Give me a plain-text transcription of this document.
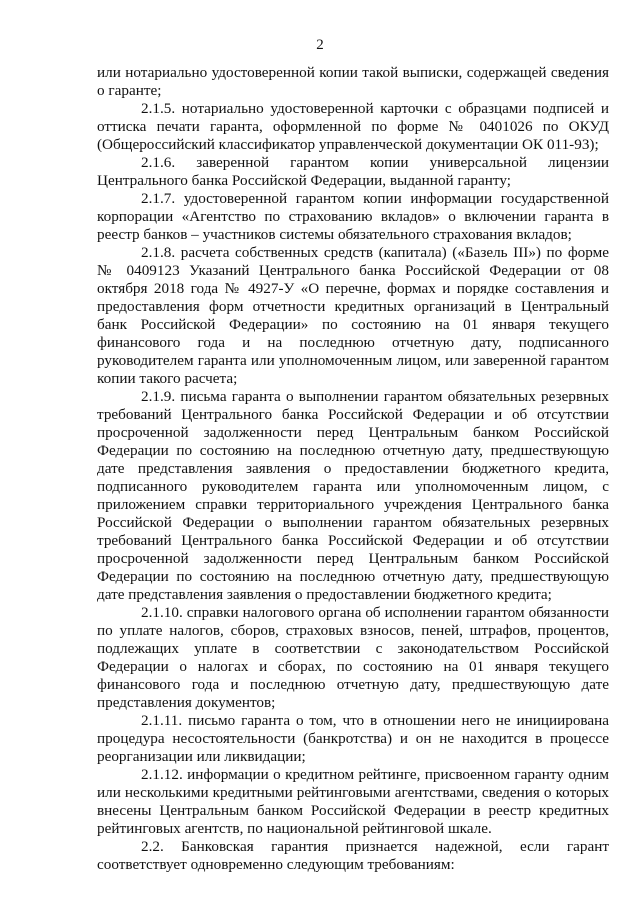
2

или нотариально удостоверенной копии такой выписки, содержащей сведения о гаранте;

2.1.5. нотариально удостоверенной карточки с образцами подписей и оттиска печати гаранта, оформленной по форме № 0401026 по ОКУД (Общероссийский классификатор управленческой документации ОК 011-93);

2.1.6. заверенной гарантом копии универсальной лицензии Центрального банка Российской Федерации, выданной гаранту;

2.1.7. удостоверенной гарантом копии информации государственной корпорации «Агентство по страхованию вкладов» о включении гаранта в реестр банков – участников системы обязательного страхования вкладов;

2.1.8. расчета собственных средств (капитала) («Базель III») по форме № 0409123 Указаний Центрального банка Российской Федерации от 08 октября 2018 года № 4927-У «О перечне, формах и порядке составления и предоставления форм отчетности кредитных организаций в Центральный банк Российской Федерации» по состоянию на 01 января текущего финансового года и на последнюю отчетную дату, подписанного руководителем гаранта или уполномоченным лицом, или заверенной гарантом копии такого расчета;

2.1.9. письма гаранта о выполнении гарантом обязательных резервных требований Центрального банка Российской Федерации и об отсутствии просроченной задолженности перед Центральным банком Российской Федерации по состоянию на последнюю отчетную дату, предшествующую дате представления заявления о предоставлении бюджетного кредита, подписанного руководителем гаранта или уполномоченным лицом, с приложением справки территориального учреждения Центрального банка Российской Федерации о выполнении гарантом обязательных резервных требований Центрального банка Российской Федерации и об отсутствии просроченной задолженности перед Центральным банком Российской Федерации по состоянию на последнюю отчетную дату, предшествующую дате представления заявления о предоставлении бюджетного кредита;

2.1.10. справки налогового органа об исполнении гарантом обязанности по уплате налогов, сборов, страховых взносов, пеней, штрафов, процентов, подлежащих уплате в соответствии с законодательством Российской Федерации о налогах и сборах, по состоянию на 01 января текущего финансового года и последнюю отчетную дату, предшествующую дате представления документов;

2.1.11. письмо гаранта о том, что в отношении него не инициирована процедура несостоятельности (банкротства) и он не находится в процессе реорганизации или ликвидации;

2.1.12. информации о кредитном рейтинге, присвоенном гаранту одним или несколькими кредитными рейтинговыми агентствами, сведения о которых внесены Центральным банком Российской Федерации в реестр кредитных рейтинговых агентств, по национальной рейтинговой шкале.

2.2. Банковская гарантия признается надежной, если гарант соответствует одновременно следующим требованиям:
